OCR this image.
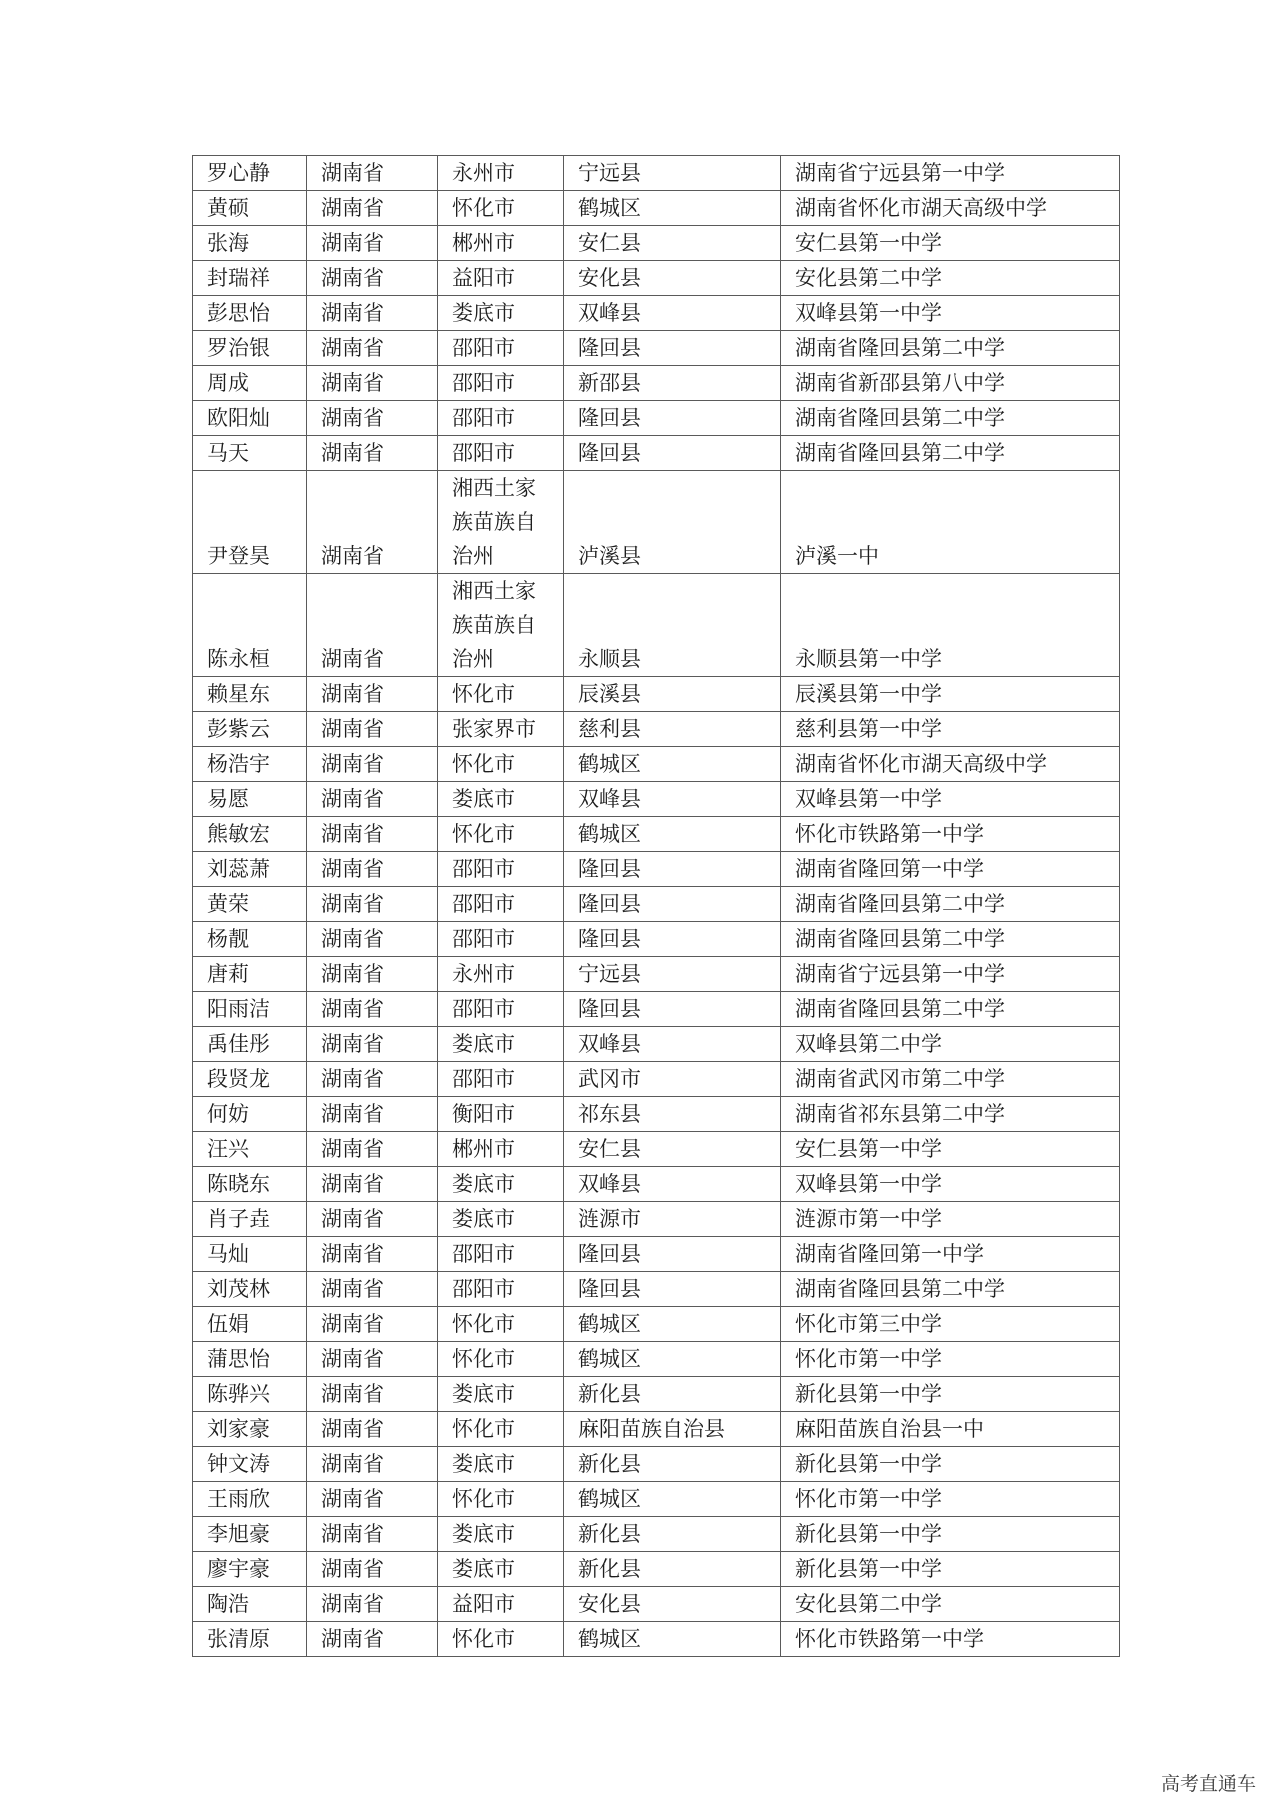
罗心静	湖南省	永州市	宁远县	湖南省宁远县第一中学
黄硕	湖南省	怀化市	鹤城区	湖南省怀化市湖天高级中学
张海	湖南省	郴州市	安仁县	安仁县第一中学
封瑞祥	湖南省	益阳市	安化县	安化县第二中学
彭思怡	湖南省	娄底市	双峰县	双峰县第一中学
罗治银	湖南省	邵阳市	隆回县	湖南省隆回县第二中学
周成	湖南省	邵阳市	新邵县	湖南省新邵县第八中学
欧阳灿	湖南省	邵阳市	隆回县	湖南省隆回县第二中学
马天	湖南省	邵阳市	隆回县	湖南省隆回县第二中学
尹登昊	湖南省	湘西土家族苗族自治州	泸溪县	泸溪一中
陈永桓	湖南省	湘西土家族苗族自治州	永顺县	永顺县第一中学
赖星东	湖南省	怀化市	辰溪县	辰溪县第一中学
彭紫云	湖南省	张家界市	慈利县	慈利县第一中学
杨浩宇	湖南省	怀化市	鹤城区	湖南省怀化市湖天高级中学
易愿	湖南省	娄底市	双峰县	双峰县第一中学
熊敏宏	湖南省	怀化市	鹤城区	怀化市铁路第一中学
刘蕊萧	湖南省	邵阳市	隆回县	湖南省隆回第一中学
黄荣	湖南省	邵阳市	隆回县	湖南省隆回县第二中学
杨靓	湖南省	邵阳市	隆回县	湖南省隆回县第二中学
唐莉	湖南省	永州市	宁远县	湖南省宁远县第一中学
阳雨洁	湖南省	邵阳市	隆回县	湖南省隆回县第二中学
禹佳彤	湖南省	娄底市	双峰县	双峰县第二中学
段贤龙	湖南省	邵阳市	武冈市	湖南省武冈市第二中学
何妨	湖南省	衡阳市	祁东县	湖南省祁东县第二中学
汪兴	湖南省	郴州市	安仁县	安仁县第一中学
陈晓东	湖南省	娄底市	双峰县	双峰县第一中学
肖子垚	湖南省	娄底市	涟源市	涟源市第一中学
马灿	湖南省	邵阳市	隆回县	湖南省隆回第一中学
刘茂林	湖南省	邵阳市	隆回县	湖南省隆回县第二中学
伍娟	湖南省	怀化市	鹤城区	怀化市第三中学
蒲思怡	湖南省	怀化市	鹤城区	怀化市第一中学
陈骅兴	湖南省	娄底市	新化县	新化县第一中学
刘家豪	湖南省	怀化市	麻阳苗族自治县	麻阳苗族自治县一中
钟文涛	湖南省	娄底市	新化县	新化县第一中学
王雨欣	湖南省	怀化市	鹤城区	怀化市第一中学
李旭豪	湖南省	娄底市	新化县	新化县第一中学
廖宇豪	湖南省	娄底市	新化县	新化县第一中学
陶浩	湖南省	益阳市	安化县	安化县第二中学
张清原	湖南省	怀化市	鹤城区	怀化市铁路第一中学
高考直通车
